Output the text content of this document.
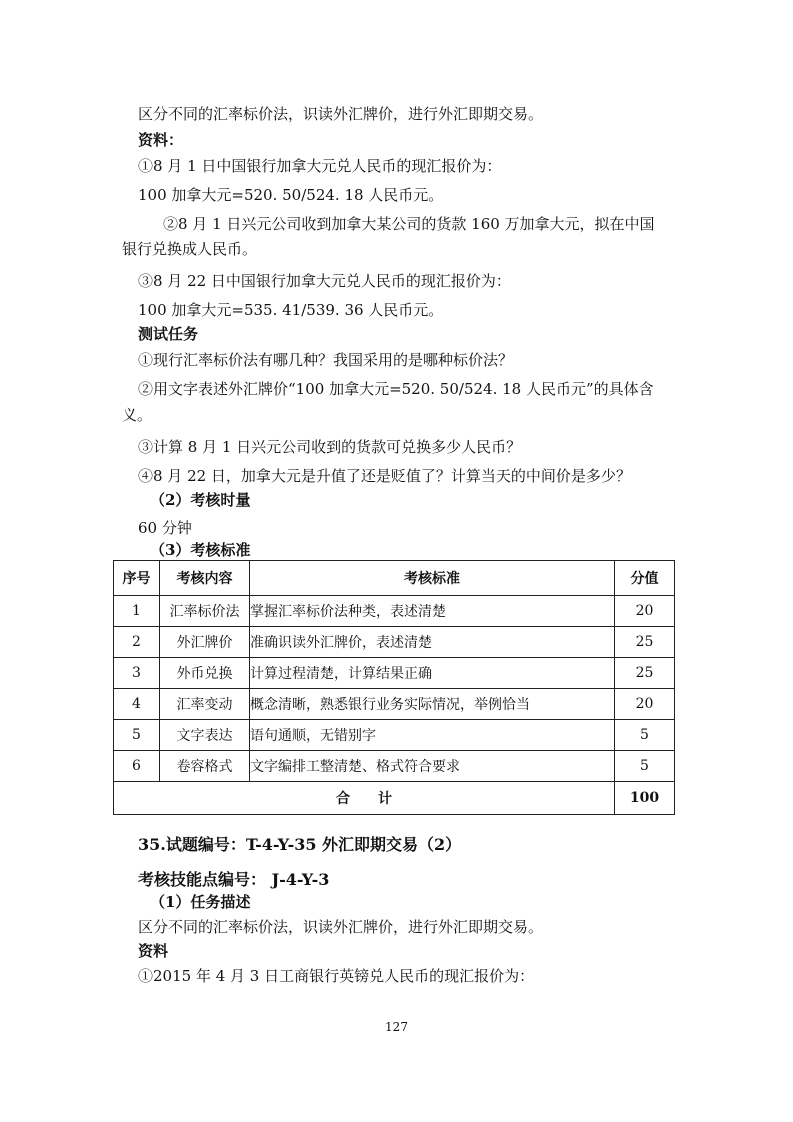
区分不同的汇率标价法，识读外汇牌价，进行外汇即期交易。
资料：
①8 月 1 日中国银行加拿大元兑人民币的现汇报价为：
100 加拿大元=520. 50/524. 18 人民币元。
②8 月 1 日兴元公司收到加拿大某公司的货款 160 万加拿大元，拟在中国
银行兑换成人民币。
③8 月 22 日中国银行加拿大元兑人民币的现汇报价为：
100 加拿大元=535. 41/539. 36 人民币元。
测试任务
①现行汇率标价法有哪几种？我国采用的是哪种标价法？
②用文字表述外汇牌价“100 加拿大元=520. 50/524. 18 人民币元”的具体含
义。
③计算 8 月 1 日兴元公司收到的货款可兑换多少人民币？
④8 月 22 日，加拿大元是升值了还是贬值了？计算当天的中间价是多少？
（2）考核时量
60 分钟
（3）考核标准
序号	考核内容	考核标准	分值
1	汇率标价法	掌握汇率标价法种类，表述清楚	20
2	外汇牌价	准确识读外汇牌价，表述清楚	25
3	外币兑换	计算过程清楚，计算结果正确	25
4	汇率变动	概念清晰，熟悉银行业务实际情况，举例恰当	20
5	文字表达	语句通顺，无错别字	5
6	卷容格式	文字编排工整清楚、格式符合要求	5
合　　计			100
35.试题编号：T-4-Y-35 外汇即期交易（2）
考核技能点编号： J-4-Y-3
（1）任务描述
区分不同的汇率标价法，识读外汇牌价，进行外汇即期交易。
资料
①2015 年 4 月 3 日工商银行英镑兑人民币的现汇报价为：
127
